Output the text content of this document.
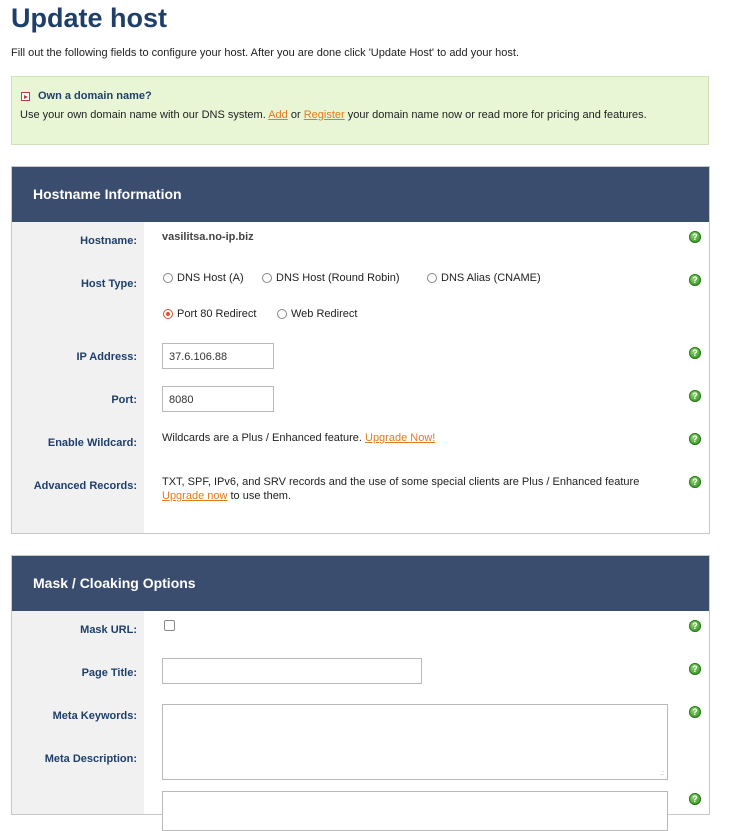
Update host
Fill out the following fields to configure your host. After you are done click 'Update Host' to add your host.
Own a domain name?
Use your own domain name with our DNS system. Add or Register your domain name now or read more for pricing and features.
Hostname Information
Hostname: vasilitsa.no-ip.biz	?
Host Type:	DNS Host (A)	DNS Host (Round Robin)	DNS Alias (CNAME)
Port 80 Redirect	Web Redirect
?
IP Address:	37.6.106.88	?
Port:	8080	?
Enable Wildcard: Wildcards are a Plus / Enhanced feature. Upgrade Now!	?
Advanced Records: TXT, SPF, IPv6, and SRV records and the use of some special clients are Plus / Enhanced feature
Upgrade now to use them.
?
Mask / Cloaking Options
Mask URL:	?
Page Title:	?
Meta Keywords:
.:
?
Meta Description:
?
